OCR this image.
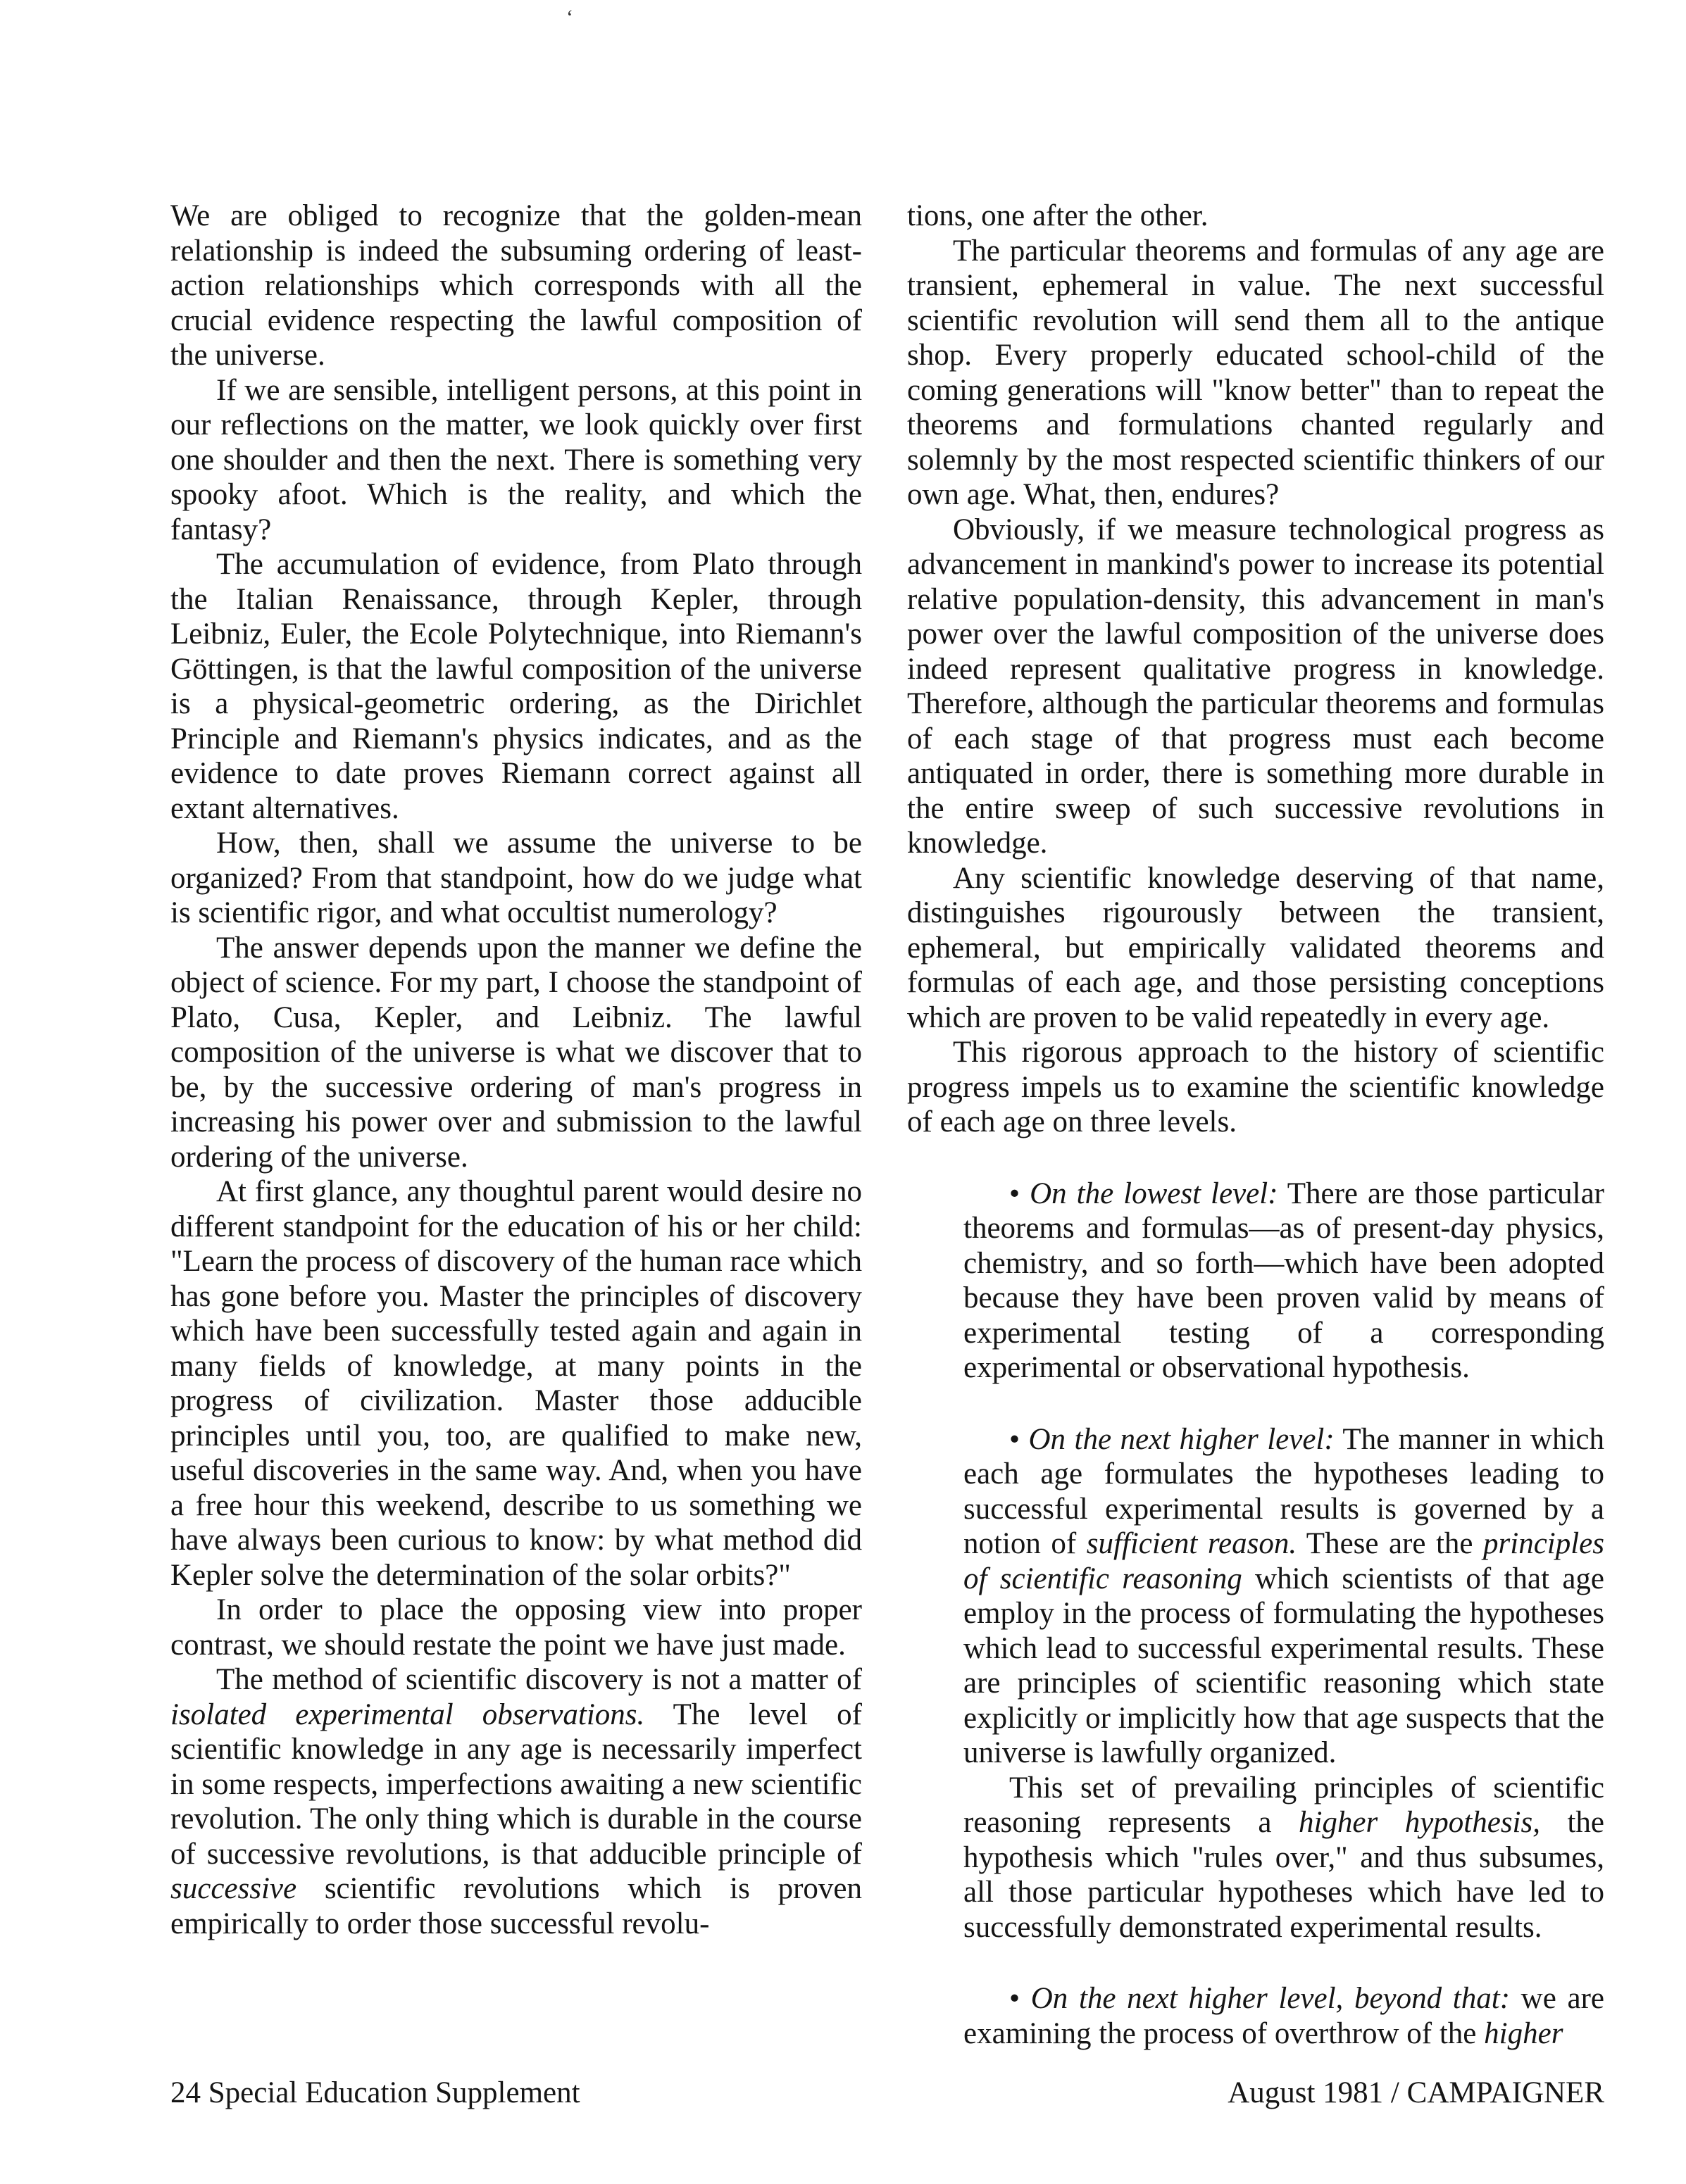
‘

We are obliged to recognize that the golden-mean relationship is indeed the subsuming ordering of least-action relationships which corresponds with all the crucial evidence respecting the lawful composition of the universe.

If we are sensible, intelligent persons, at this point in our reflections on the matter, we look quickly over first one shoulder and then the next. There is something very spooky afoot. Which is the reality, and which the fantasy?

The accumulation of evidence, from Plato through the Italian Renaissance, through Kepler, through Leibniz, Euler, the Ecole Polytechnique, into Riemann's Göttingen, is that the lawful composition of the universe is a physical-geometric ordering, as the Dirichlet Principle and Riemann's physics indicates, and as the evidence to date proves Riemann correct against all extant alternatives.

How, then, shall we assume the universe to be organized? From that standpoint, how do we judge what is scientific rigor, and what occultist numerology?

The answer depends upon the manner we define the object of science. For my part, I choose the standpoint of Plato, Cusa, Kepler, and Leibniz. The lawful composition of the universe is what we discover that to be, by the successive ordering of man's progress in increasing his power over and submission to the lawful ordering of the universe.

At first glance, any thoughtul parent would desire no different standpoint for the education of his or her child: "Learn the process of discovery of the human race which has gone before you. Master the principles of discovery which have been successfully tested again and again in many fields of knowledge, at many points in the progress of civilization. Master those adducible principles until you, too, are qualified to make new, useful discoveries in the same way. And, when you have a free hour this weekend, describe to us something we have always been curious to know: by what method did Kepler solve the determination of the solar orbits?"

In order to place the opposing view into proper contrast, we should restate the point we have just made.

The method of scientific discovery is not a matter of isolated experimental observations. The level of scientific knowledge in any age is necessarily imperfect in some respects, imperfections awaiting a new scientific revolution. The only thing which is durable in the course of successive revolutions, is that adducible principle of successive scientific revolutions which is proven empirically to order those successful revolu-

tions, one after the other.

The particular theorems and formulas of any age are transient, ephemeral in value. The next successful scientific revolution will send them all to the antique shop. Every properly educated school-child of the coming generations will "know better" than to repeat the theorems and formulations chanted regularly and solemnly by the most respected scientific thinkers of our own age. What, then, endures?

Obviously, if we measure technological progress as advancement in mankind's power to increase its potential relative population-density, this advancement in man's power over the lawful composition of the universe does indeed represent qualitative progress in knowledge. Therefore, although the particular theorems and formulas of each stage of that progress must each become antiquated in order, there is something more durable in the entire sweep of such successive revolutions in knowledge.

Any scientific knowledge deserving of that name, distinguishes rigourously between the transient, ephemeral, but empirically validated theorems and formulas of each age, and those persisting conceptions which are proven to be valid repeatedly in every age.

This rigorous approach to the history of scientific progress impels us to examine the scientific knowledge of each age on three levels.

• On the lowest level: There are those particular theorems and formulas—as of present-day physics, chemistry, and so forth—which have been adopted because they have been proven valid by means of experimental testing of a corresponding experimental or observational hypothesis.

• On the next higher level: The manner in which each age formulates the hypotheses leading to successful experimental results is governed by a notion of sufficient reason. These are the principles of scientific reasoning which scientists of that age employ in the process of formulating the hypotheses which lead to successful experimental results. These are principles of scientific reasoning which state explicitly or implicitly how that age suspects that the universe is lawfully organized.

This set of prevailing principles of scientific reasoning represents a higher hypothesis, the hypothesis which "rules over," and thus subsumes, all those particular hypotheses which have led to successfully demonstrated experimental results.

• On the next higher level, beyond that: we are examining the process of overthrow of the higher

24 Special Education Supplement	August 1981 / CAMPAIGNER
